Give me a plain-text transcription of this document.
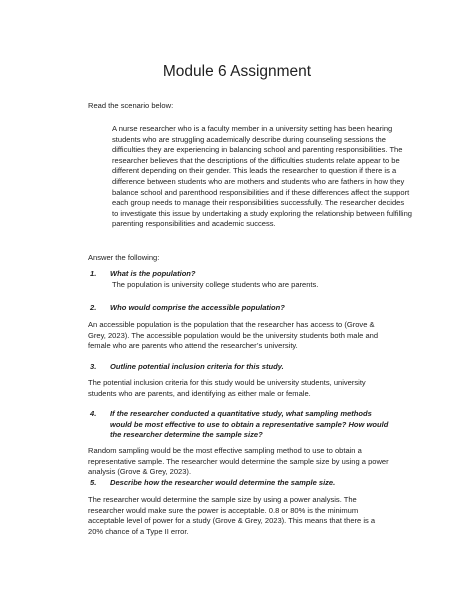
Module 6 Assignment

Read the scenario below:

A nurse researcher who is a faculty member in a university setting has been hearing students who are struggling academically describe during counseling sessions the difficulties they are experiencing in balancing school and parenting responsibilities. The researcher believes that the descriptions of the difficulties students relate appear to be different depending on their gender. This leads the researcher to question if there is a difference between students who are mothers and students who are fathers in how they balance school and parenthood responsibilities and if these differences affect the support each group needs to manage their responsibilities successfully. The researcher decides to investigate this issue by undertaking a study exploring the relationship between fulfilling parenting responsibilities and academic success.

Answer the following:

1. What is the population?
The population is university college students who are parents.
2. Who would comprise the accessible population?
An accessible population is the population that the researcher has access to (Grove & Grey, 2023). The accessible population would be the university students both male and female who are parents who attend the researcher’s university.
3. Outline potential inclusion criteria for this study.
The potential inclusion criteria for this study would be university students, university students who are parents, and identifying as either male or female.
4. If the researcher conducted a quantitative study, what sampling methods would be most effective to use to obtain a representative sample? How would the researcher determine the sample size?
Random sampling would be the most effective sampling method to use to obtain a representative sample. The researcher would determine the sample size by using a power analysis (Grove & Grey, 2023).
5. Describe how the researcher would determine the sample size.
The researcher would determine the sample size by using a power analysis. The researcher would make sure the power is acceptable. 0.8 or 80% is the minimum acceptable level of power for a study (Grove & Grey, 2023). This means that there is a 20% chance of a Type II error.
